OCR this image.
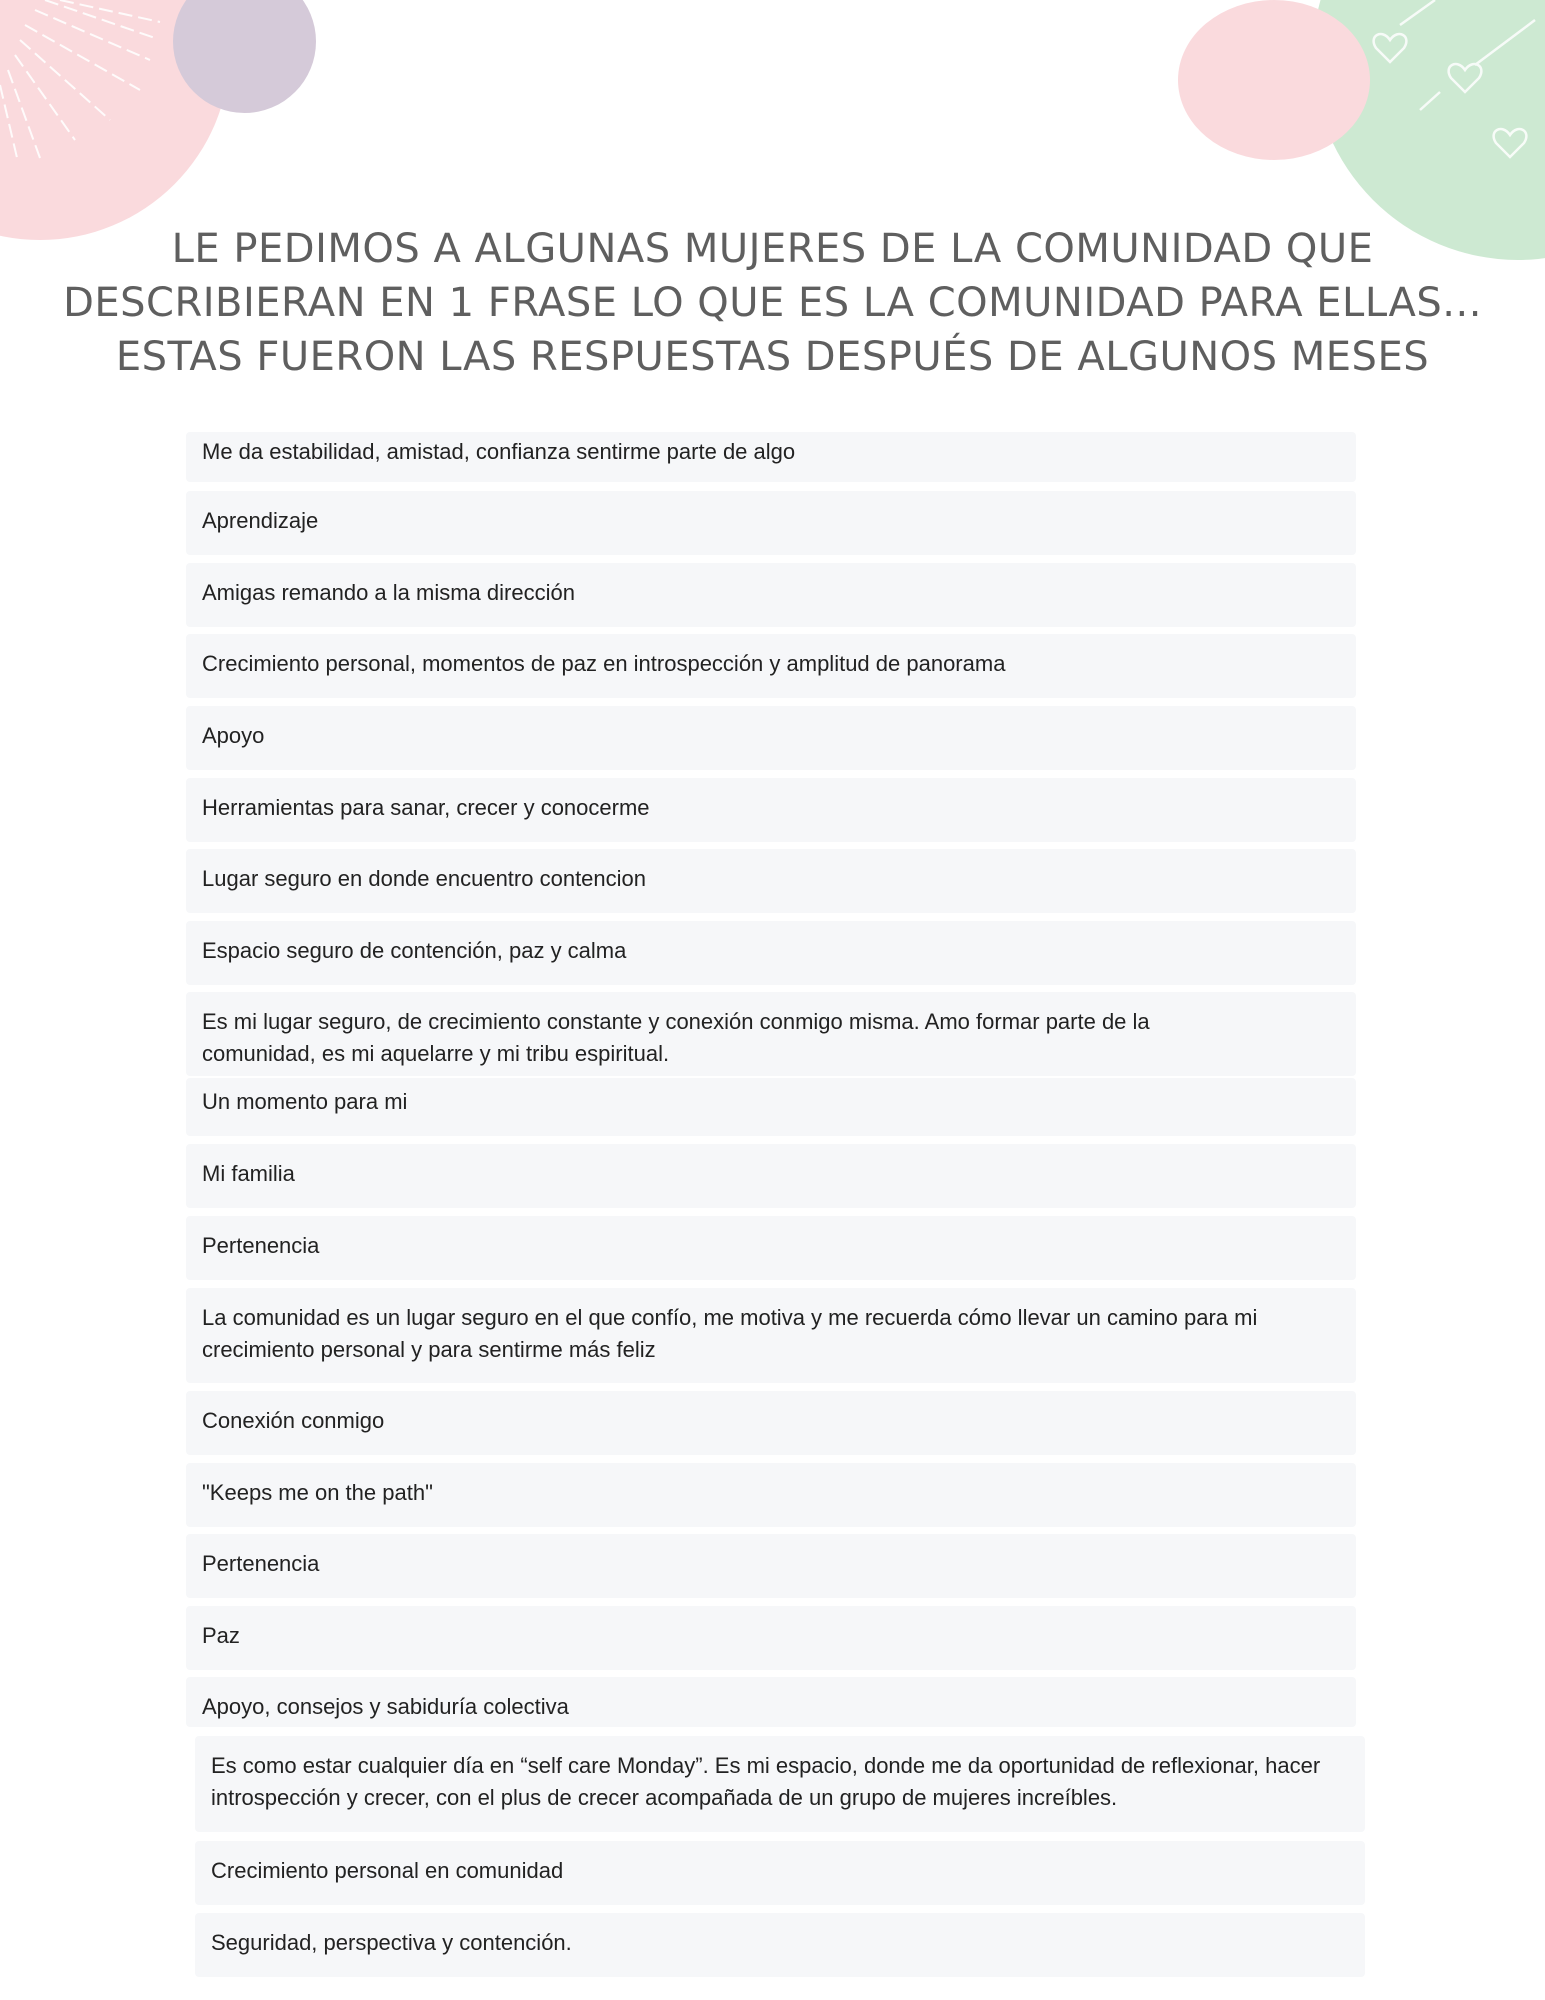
LE PEDIMOS A ALGUNAS MUJERES DE LA COMUNIDAD QUE
DESCRIBIERAN EN 1 FRASE LO QUE ES LA COMUNIDAD PARA ELLAS...
ESTAS FUERON LAS RESPUESTAS DESPUÉS DE ALGUNOS MESES
Me da estabilidad, amistad, confianza sentirme parte de algo
Aprendizaje
Amigas remando a la misma dirección
Crecimiento personal, momentos de paz en introspección y amplitud de panorama
Apoyo
Herramientas para sanar, crecer y conocerme
Lugar seguro en donde encuentro contencion
Espacio seguro de contención, paz y calma
Es mi lugar seguro, de crecimiento constante y conexión conmigo misma. Amo formar parte de la comunidad, es mi aquelarre y mi tribu espiritual.
Un momento para mi
Mi familia
Pertenencia
La comunidad es un lugar seguro en el que confío, me motiva y me recuerda cómo llevar un camino para mi crecimiento personal y para sentirme más feliz
Conexión conmigo
"Keeps me on the path"
Pertenencia
Paz
Apoyo, consejos y sabiduría colectiva
Es como estar cualquier día en “self care Monday”. Es mi espacio, donde me da oportunidad de reflexionar, hacer introspección y crecer, con el plus de crecer acompañada de un grupo de mujeres increíbles.
Crecimiento personal en comunidad
Seguridad, perspectiva y contención.
